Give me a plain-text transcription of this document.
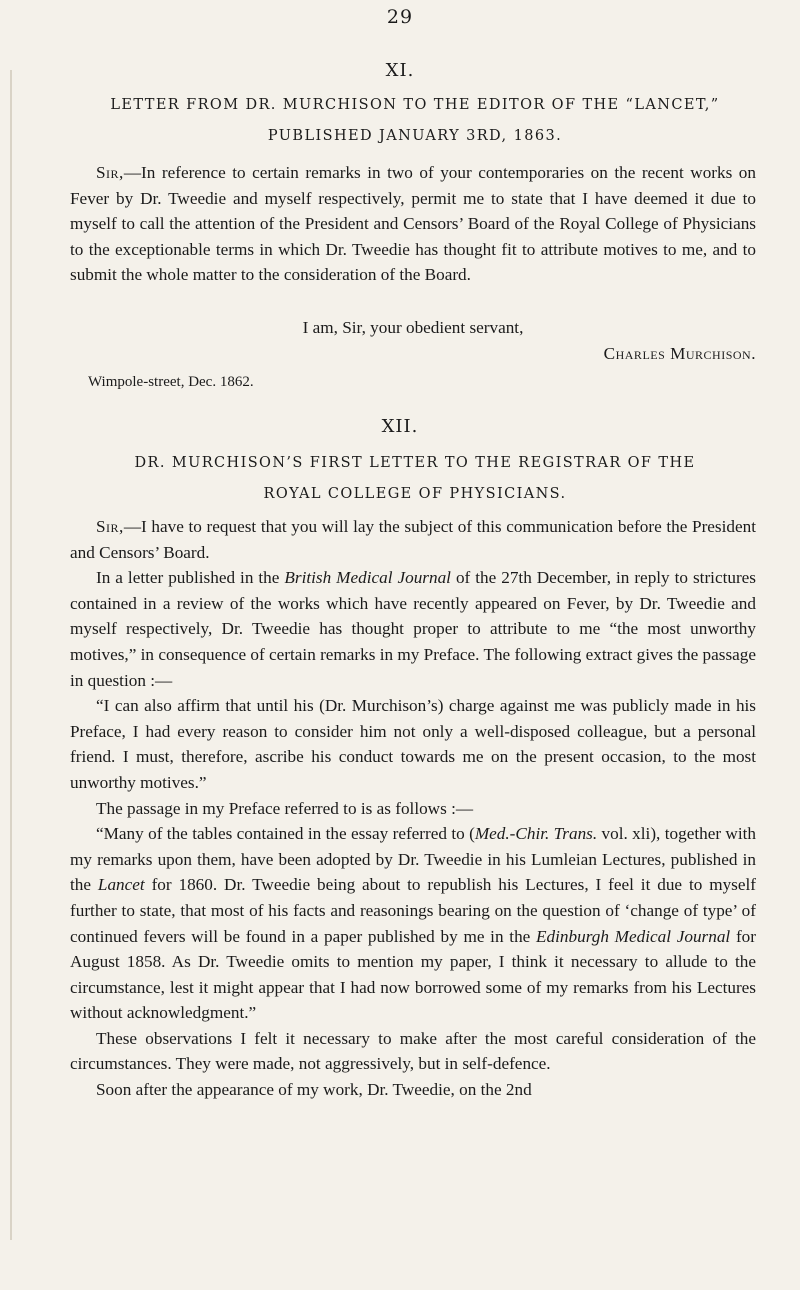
29
XI.
LETTER FROM DR. MURCHISON TO THE EDITOR OF THE “LANCET,”
PUBLISHED JANUARY 3RD, 1863.

Sir,—In reference to certain remarks in two of your contemporaries on the recent works on Fever by Dr. Tweedie and myself respectively, permit me to state that I have deemed it due to myself to call the attention of the President and Censors’ Board of the Royal College of Physicians to the exceptionable terms in which Dr. Tweedie has thought fit to attribute motives to me, and to submit the whole matter to the consideration of the Board.

I am, Sir, your obedient servant,
Charles Murchison.
Wimpole-street, Dec. 1862.
XII.
DR. MURCHISON’S FIRST LETTER TO THE REGISTRAR OF THE
ROYAL COLLEGE OF PHYSICIANS.

Sir,—I have to request that you will lay the subject of this communication before the President and Censors’ Board.

In a letter published in the British Medical Journal of the 27th December, in reply to strictures contained in a review of the works which have recently appeared on Fever, by Dr. Tweedie and myself respectively, Dr. Tweedie has thought proper to attribute to me “the most unworthy motives,” in consequence of certain remarks in my Preface. The following extract gives the passage in question :—

“I can also affirm that until his (Dr. Murchison’s) charge against me was publicly made in his Preface, I had every reason to consider him not only a well-disposed colleague, but a personal friend. I must, therefore, ascribe his conduct towards me on the present occasion, to the most unworthy motives.”

The passage in my Preface referred to is as follows :—

“Many of the tables contained in the essay referred to (Med.-Chir. Trans. vol. xli), together with my remarks upon them, have been adopted by Dr. Tweedie in his Lumleian Lectures, published in the Lancet for 1860. Dr. Tweedie being about to republish his Lectures, I feel it due to myself further to state, that most of his facts and reasonings bearing on the question of ‘change of type’ of continued fevers will be found in a paper published by me in the Edinburgh Medical Journal for August 1858. As Dr. Tweedie omits to mention my paper, I think it necessary to allude to the circumstance, lest it might appear that I had now borrowed some of my remarks from his Lectures without acknowledgment.”

These observations I felt it necessary to make after the most careful consideration of the circumstances. They were made, not aggressively, but in self-defence.

Soon after the appearance of my work, Dr. Tweedie, on the 2nd
